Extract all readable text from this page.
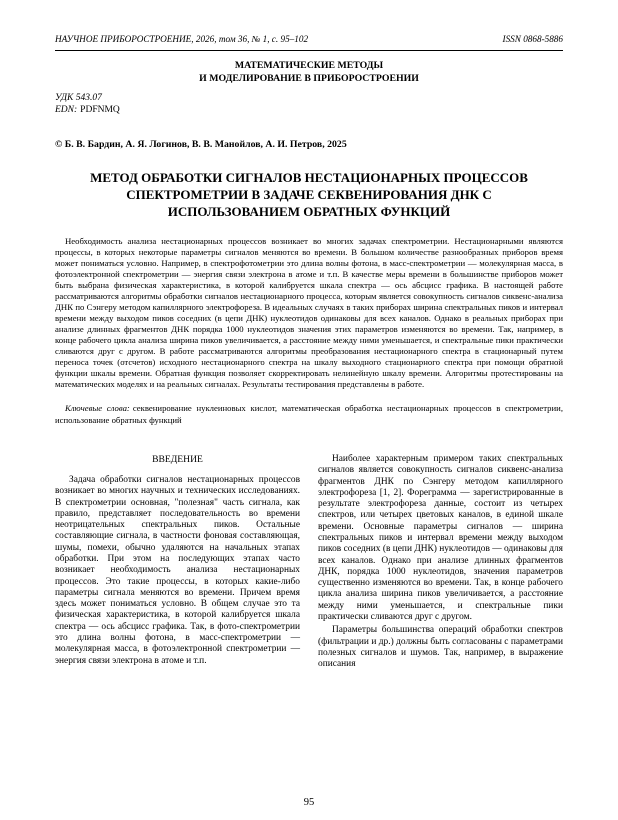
НАУЧНОЕ ПРИБОРОСТРОЕНИЕ, 2026, том 36, № 1, с. 95–102	ISSN 0868-5886
МАТЕМАТИЧЕСКИЕ МЕТОДЫ
И МОДЕЛИРОВАНИЕ В ПРИБОРОСТРОЕНИИ
УДК 543.07
EDN: PDFNMQ
© Б. В. Бардин, А. Я. Логинов, В. В. Манойлов, А. И. Петров, 2025
МЕТОД ОБРАБОТКИ СИГНАЛОВ НЕСТАЦИОНАРНЫХ ПРОЦЕССОВ СПЕКТРОМЕТРИИ В ЗАДАЧЕ СЕКВЕНИРОВАНИЯ ДНК С ИСПОЛЬЗОВАНИЕМ ОБРАТНЫХ ФУНКЦИЙ

Необходимость анализа нестационарных процессов возникает во многих задачах спектрометрии. Нестационарными являются процессы, в которых некоторые параметры сигналов меняются во времени. В большом количестве разнообразных приборов время может пониматься условно. Например, в спектрофотометрии это длина волны фотона, в масс-спектрометрии — молекулярная масса, в фотоэлектронной спектрометрии — энергия связи электрона в атоме и т.п. В качестве меры времени в большинстве приборов может быть выбрана физическая характеристика, в которой калибруется шкала спектра — ось абсцисс графика. В настоящей работе рассматриваются алгоритмы обработки сигналов нестационарного процесса, которым является совокупность сигналов сиквенс-анализа ДНК по Сэнгеру методом капиллярного электрофореза. В идеальных случаях в таких приборах ширина спектральных пиков и интервал времени между выходом пиков соседних (в цепи ДНК) нуклеотидов одинаковы для всех каналов. Однако в реальных приборах при анализе длинных фрагментов ДНК порядка 1000 нуклеотидов значения этих параметров изменяются во времени. Так, например, в конце рабочего цикла анализа ширина пиков увеличивается, а расстояние между ними уменьшается, и спектральные пики практически сливаются друг с другом. В работе рассматриваются алгоритмы преобразования нестационарного спектра в стационарный путем переноса точек (отсчетов) исходного нестационарного спектра на шкалу выходного стационарного спектра при помощи обратной функции шкалы времени. Обратная функция позволяет скорректировать нелинейную шкалу времени. Алгоритмы протестированы на математических моделях и на реальных сигналах. Результаты тестирования представлены в работе.

Ключевые слова: секвенирование нуклеиновых кислот, математическая обработка нестационарных процессов в спектрометрии, использование обратных функций

ВВЕДЕНИЕ

Задача обработки сигналов нестационарных процессов возникает во многих научных и технических исследованиях. В спектрометрии основная, "полезная" часть сигнала, как правило, представляет последовательность во времени неотрицательных спектральных пиков. Остальные составляющие сигнала, в частности фоновая составляющая, шумы, помехи, обычно удаляются на начальных этапах обработки. При этом на последующих этапах часто возникает необходимость анализа нестационарных процессов. Это такие процессы, в которых какие-либо параметры сигнала меняются во времени. Причем время здесь может пониматься условно. В общем случае это та физическая характеристика, в которой калибруется шкала спектра — ось абсцисс графика. Так, в фото-спектрометрии это длина волны фотона, в масс-спектрометрии — молекулярная масса, в фотоэлектронной спектрометрии — энергия связи электрона в атоме и т.п.

Наиболее характерным примером таких спектральных сигналов является совокупность сигналов сиквенс-анализа фрагментов ДНК по Сэнгеру методом капиллярного электрофореза [1, 2]. Фореграмма — зарегистрированные в результате электрофореза данные, состоит из четырех спектров, или четырех цветовых каналов, в единой шкале времени. Основные параметры сигналов — ширина спектральных пиков и интервал времени между выходом пиков соседних (в цепи ДНК) нуклеотидов — одинаковы для всех каналов. Однако при анализе длинных фрагментов ДНК, порядка 1000 нуклеотидов, значения параметров существенно изменяются во времени. Так, в конце рабочего цикла анализа ширина пиков увеличивается, а расстояние между ними уменьшается, и спектральные пики практически сливаются друг с другом.

Параметры большинства операций обработки спектров (фильтрации и др.) должны быть согласованы с параметрами полезных сигналов и шумов. Так, например, в выражение описания

95
